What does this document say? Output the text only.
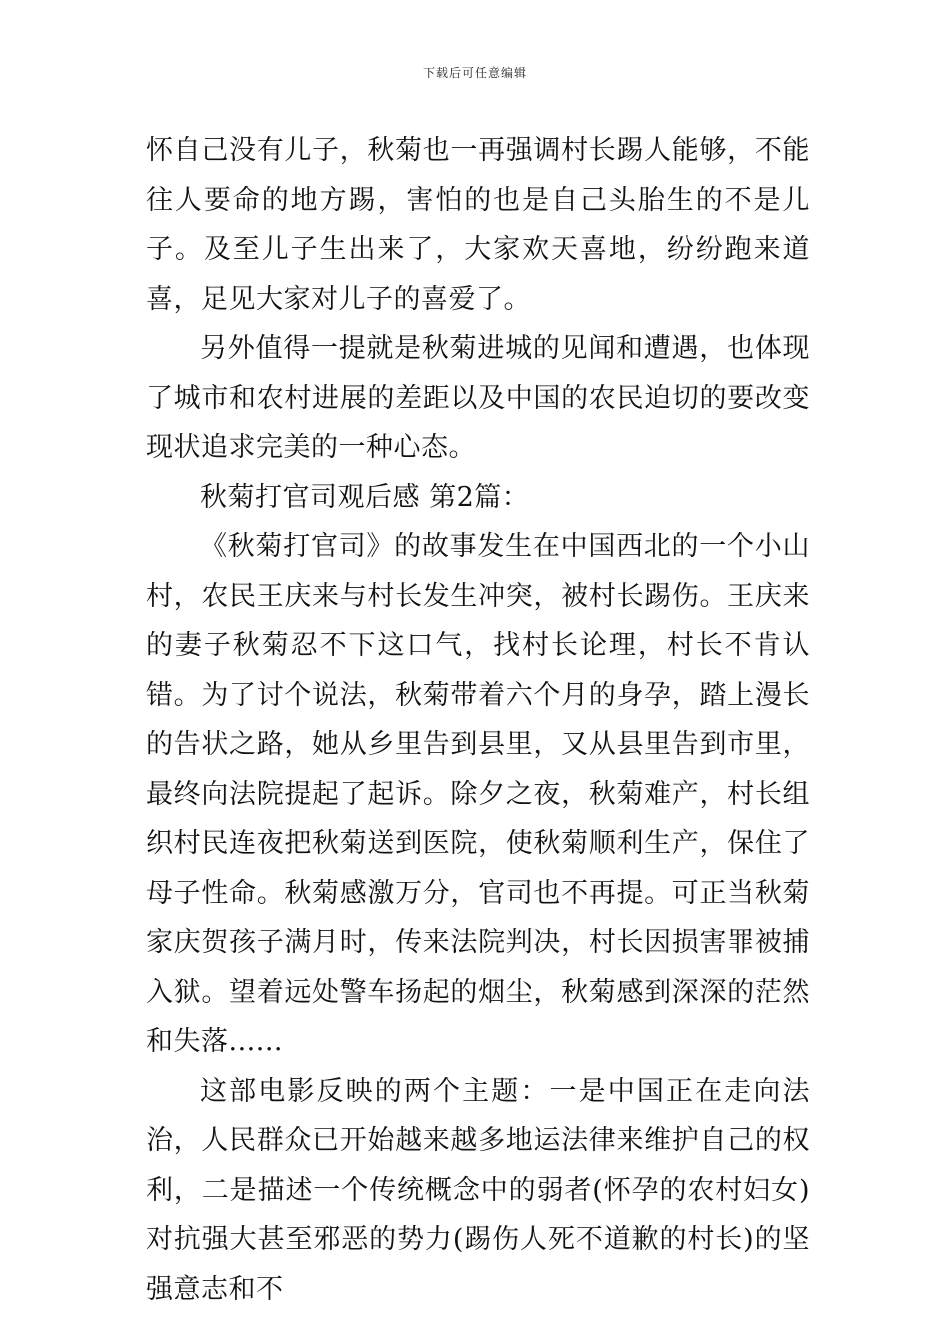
下载后可任意编辑

怀自己没有儿子，秋菊也一再强调村长踢人能够，不能往人要命的地方踢，害怕的也是自己头胎生的不是儿子。及至儿子生出来了，大家欢天喜地，纷纷跑来道喜，足见大家对儿子的喜爱了。

另外值得一提就是秋菊进城的见闻和遭遇，也体现了城市和农村进展的差距以及中国的农民迫切的要改变现状追求完美的一种心态。

秋菊打官司观后感 第2篇：

《秋菊打官司》的故事发生在中国西北的一个小山村，农民王庆来与村长发生冲突，被村长踢伤。王庆来的妻子秋菊忍不下这口气，找村长论理，村长不肯认错。为了讨个说法，秋菊带着六个月的身孕，踏上漫长的告状之路，她从乡里告到县里，又从县里告到市里，最终向法院提起了起诉。除夕之夜，秋菊难产，村长组织村民连夜把秋菊送到医院，使秋菊顺利生产，保住了母子性命。秋菊感激万分，官司也不再提。可正当秋菊家庆贺孩子满月时，传来法院判决，村长因损害罪被捕入狱。望着远处警车扬起的烟尘，秋菊感到深深的茫然和失落......

这部电影反映的两个主题：一是中国正在走向法治，人民群众已开始越来越多地运法律来维护自己的权利，二是描述一个传统概念中的弱者(怀孕的农村妇女)对抗强大甚至邪恶的势力(踢伤人死不道歉的村长)的坚强意志和不
